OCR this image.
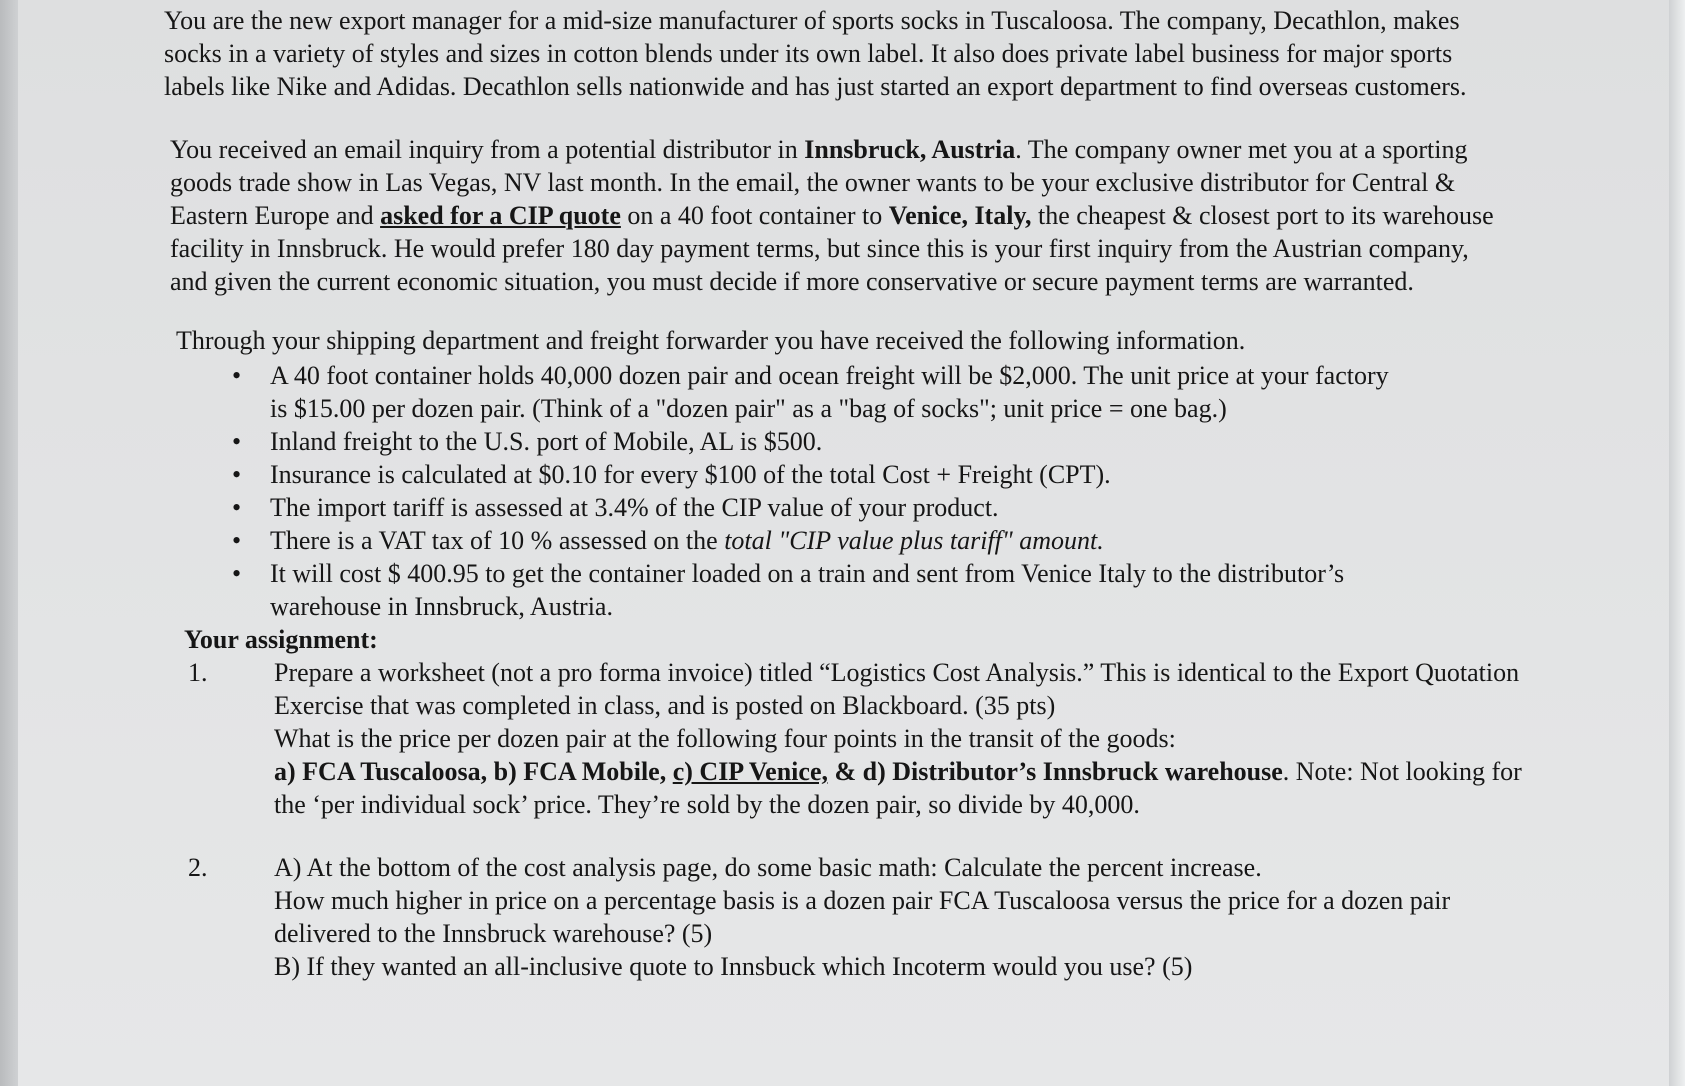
You are the new export manager for a mid-size manufacturer of sports socks in Tuscaloosa. The company, Decathlon, makes socks in a variety of styles and sizes in cotton blends under its own label. It also does private label business for major sports labels like Nike and Adidas. Decathlon sells nationwide and has just started an export department to find overseas customers.

You received an email inquiry from a potential distributor in Innsbruck, Austria. The company owner met you at a sporting goods trade show in Las Vegas, NV last month. In the email, the owner wants to be your exclusive distributor for Central & Eastern Europe and asked for a CIP quote on a 40 foot container to Venice, Italy, the cheapest & closest port to its warehouse facility in Innsbruck. He would prefer 180 day payment terms, but since this is your first inquiry from the Austrian company, and given the current economic situation, you must decide if more conservative or secure payment terms are warranted.

Through your shipping department and freight forwarder you have received the following information.

• A 40 foot container holds 40,000 dozen pair and ocean freight will be $2,000. The unit price at your factory is $15.00 per dozen pair. (Think of a "dozen pair" as a "bag of socks"; unit price = one bag.)
• Inland freight to the U.S. port of Mobile, AL is $500.
• Insurance is calculated at $0.10 for every $100 of the total Cost + Freight (CPT).
• The import tariff is assessed at 3.4% of the CIP value of your product.
• There is a VAT tax of 10 % assessed on the total "CIP value plus tariff" amount.
• It will cost $ 400.95 to get the container loaded on a train and sent from Venice Italy to the distributor’s warehouse in Innsbruck, Austria.

Your assignment:

1.	Prepare a worksheet (not a pro forma invoice) titled “Logistics Cost Analysis.” This is identical to the Export Quotation Exercise that was completed in class, and is posted on Blackboard. (35 pts)

What is the price per dozen pair at the following four points in the transit of the goods:

a) FCA Tuscaloosa, b) FCA Mobile, c) CIP Venice, & d) Distributor’s Innsbruck warehouse. Note: Not looking for the ‘per individual sock’ price. They’re sold by the dozen pair, so divide by 40,000.

2.	A) At the bottom of the cost analysis page, do some basic math: Calculate the percent increase.

How much higher in price on a percentage basis is a dozen pair FCA Tuscaloosa versus the price for a dozen pair delivered to the Innsbruck warehouse? (5)

B) If they wanted an all-inclusive quote to Innsbuck which Incoterm would you use? (5)
